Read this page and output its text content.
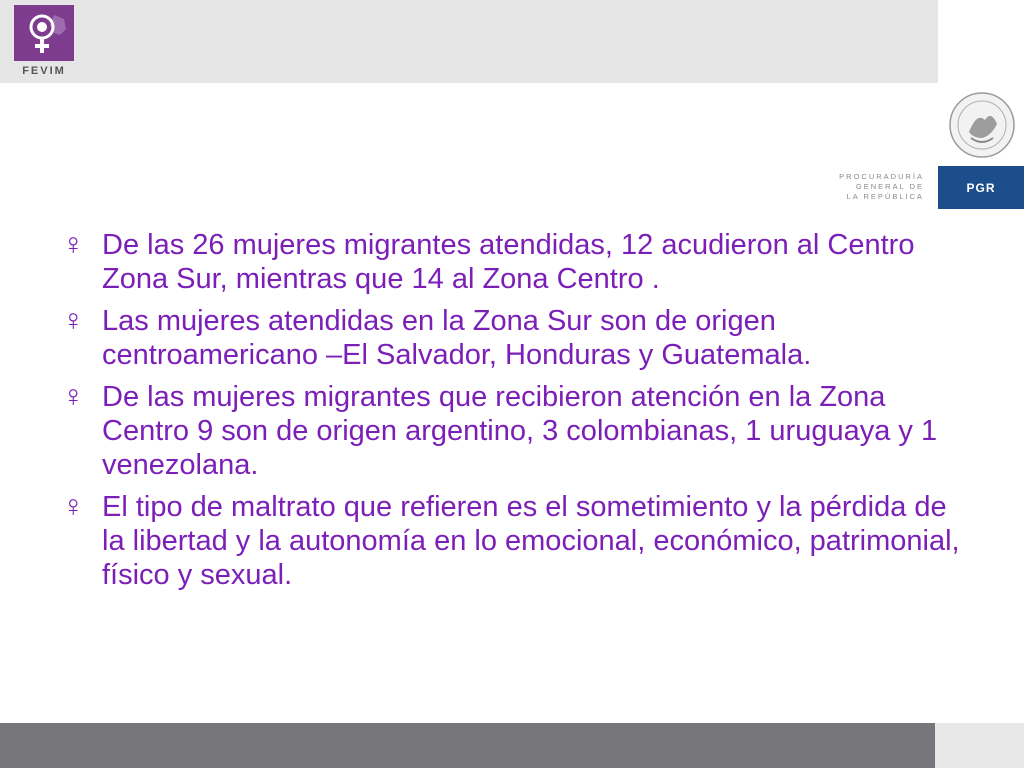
FEVIM
PROCURADURÍA
GENERAL DE
LA REPÚBLICA
PGR
♀ De las 26 mujeres migrantes atendidas, 12 acudieron al Centro Zona Sur, mientras que 14 al Zona Centro .
♀ Las mujeres atendidas en la Zona Sur son de origen centroamericano –El Salvador, Honduras y Guatemala.
♀ De las mujeres migrantes que recibieron atención en la Zona Centro 9 son de origen argentino, 3 colombianas, 1 uruguaya y 1 venezolana.
♀ El tipo de maltrato que refieren es el sometimiento y la pérdida de la libertad y la autonomía en lo emocional, económico, patrimonial, físico y sexual.
